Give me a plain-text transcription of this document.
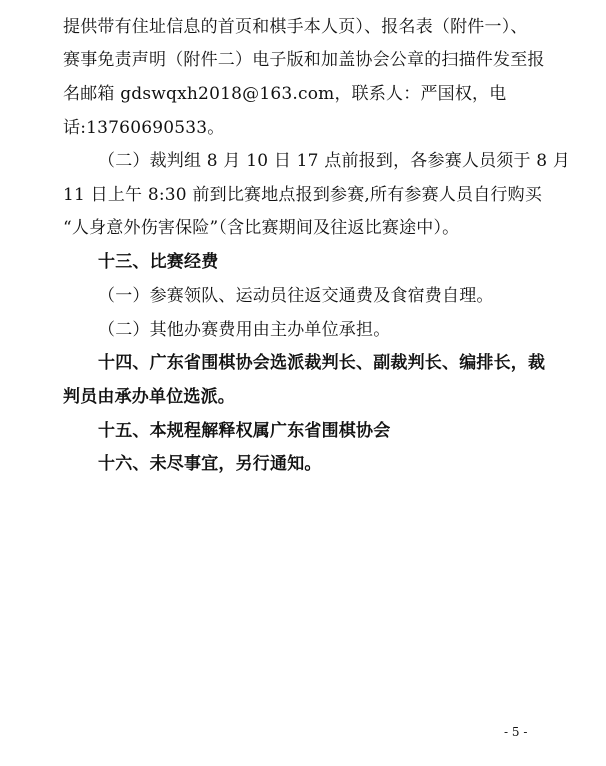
提供带有住址信息的首页和棋手本人页）、报名表（附件一）、
赛事免责声明（附件二）电子版和加盖协会公章的扫描件发至报
名邮箱 gdswqxh2018@163.com，联系人：严国权，电
话:13760690533。
（二）裁判组 8 月 10 日 17 点前报到，各参赛人员须于 8 月
11 日上午 8:30 前到比赛地点报到参赛,所有参赛人员自行购买
“人身意外伤害保险”（含比赛期间及往返比赛途中）。
十三、比赛经费
（一）参赛领队、运动员往返交通费及食宿费自理。
（二）其他办赛费用由主办单位承担。
十四、广东省围棋协会选派裁判长、副裁判长、编排长，裁
判员由承办单位选派。
十五、本规程解释权属广东省围棋协会
十六、未尽事宜，另行通知。
- 5 -
